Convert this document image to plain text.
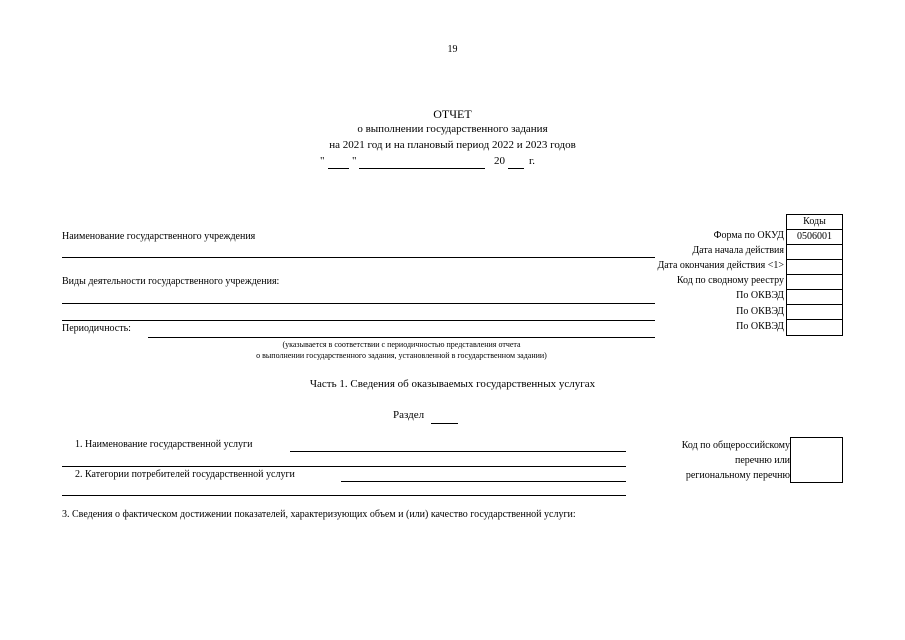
19
ОТЧЕТ
о выполнении государственного задания
на 2021 год и на плановый период 2022 и 2023 годов
"	"	20 г.
Коды
0506001
Форма по ОКУД
Дата начала действия
Дата окончания действия <1>
Код по сводному реестру
По ОКВЭД
По ОКВЭД
По ОКВЭД
Наименование государственного учреждения
Виды деятельности государственного учреждения:
Периодичность:
(указывается в соответствии с периодичностью представления отчета
о выполнении государственного задания, установленной в государственном задании)
Часть 1. Сведения об оказываемых государственных услугах
Раздел
1. Наименование государственной услуги
2. Категории потребителей государственной услуги
Код по общероссийскому
перечню или
региональному перечню
3. Сведения о фактическом достижении показателей, характеризующих объем и (или) качество государственной услуги:
